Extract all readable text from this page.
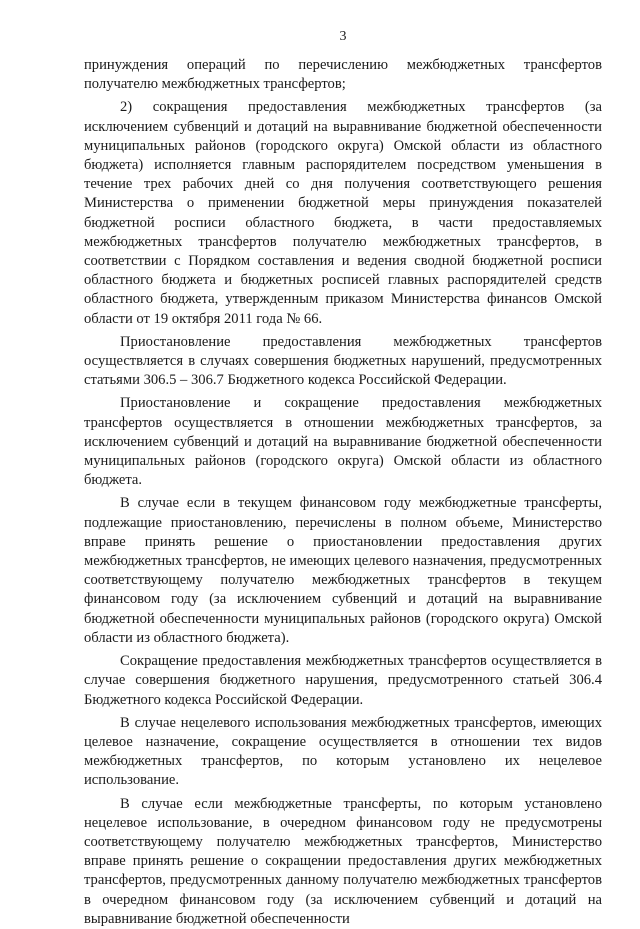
3

принуждения операций по перечислению межбюджетных трансфертов получателю межбюджетных трансфертов;

2) сокращения предоставления межбюджетных трансфертов (за исключением субвенций и дотаций на выравнивание бюджетной обеспеченности муниципальных районов (городского округа) Омской области из областного бюджета) исполняется главным распорядителем посредством уменьшения в течение трех рабочих дней со дня получения соответствующего решения Министерства о применении бюджетной меры принуждения показателей бюджетной росписи областного бюджета, в части предоставляемых межбюджетных трансфертов получателю межбюджетных трансфертов, в соответствии с Порядком составления и ведения сводной бюджетной росписи областного бюджета и бюджетных росписей главных распорядителей средств областного бюджета, утвержденным приказом Министерства финансов Омской области от 19 октября 2011 года № 66.

Приостановление предоставления межбюджетных трансфертов осуществляется в случаях совершения бюджетных нарушений, предусмотренных статьями 306.5 – 306.7 Бюджетного кодекса Российской Федерации.

Приостановление и сокращение предоставления межбюджетных трансфертов осуществляется в отношении межбюджетных трансфертов, за исключением субвенций и дотаций на выравнивание бюджетной обеспеченности муниципальных районов (городского округа) Омской области из областного бюджета.

В случае если в текущем финансовом году межбюджетные трансферты, подлежащие приостановлению, перечислены в полном объеме, Министерство вправе принять решение о приостановлении предоставления других межбюджетных трансфертов, не имеющих целевого назначения, предусмотренных соответствующему получателю межбюджетных трансфертов в текущем финансовом году (за исключением субвенций и дотаций на выравнивание бюджетной обеспеченности муниципальных районов (городского округа) Омской области из областного бюджета).

Сокращение предоставления межбюджетных трансфертов осуществляется в случае совершения бюджетного нарушения, предусмотренного статьей 306.4 Бюджетного кодекса Российской Федерации.

В случае нецелевого использования межбюджетных трансфертов, имеющих целевое назначение, сокращение осуществляется в отношении тех видов межбюджетных трансфертов, по которым установлено их нецелевое использование.

В случае если межбюджетные трансферты, по которым установлено нецелевое использование, в очередном финансовом году не предусмотрены соответствующему получателю межбюджетных трансфертов, Министерство вправе принять решение о сокращении предоставления других межбюджетных трансфертов, предусмотренных данному получателю межбюджетных трансфертов в очередном финансовом году (за исключением субвенций и дотаций на выравнивание бюджетной обеспеченности
